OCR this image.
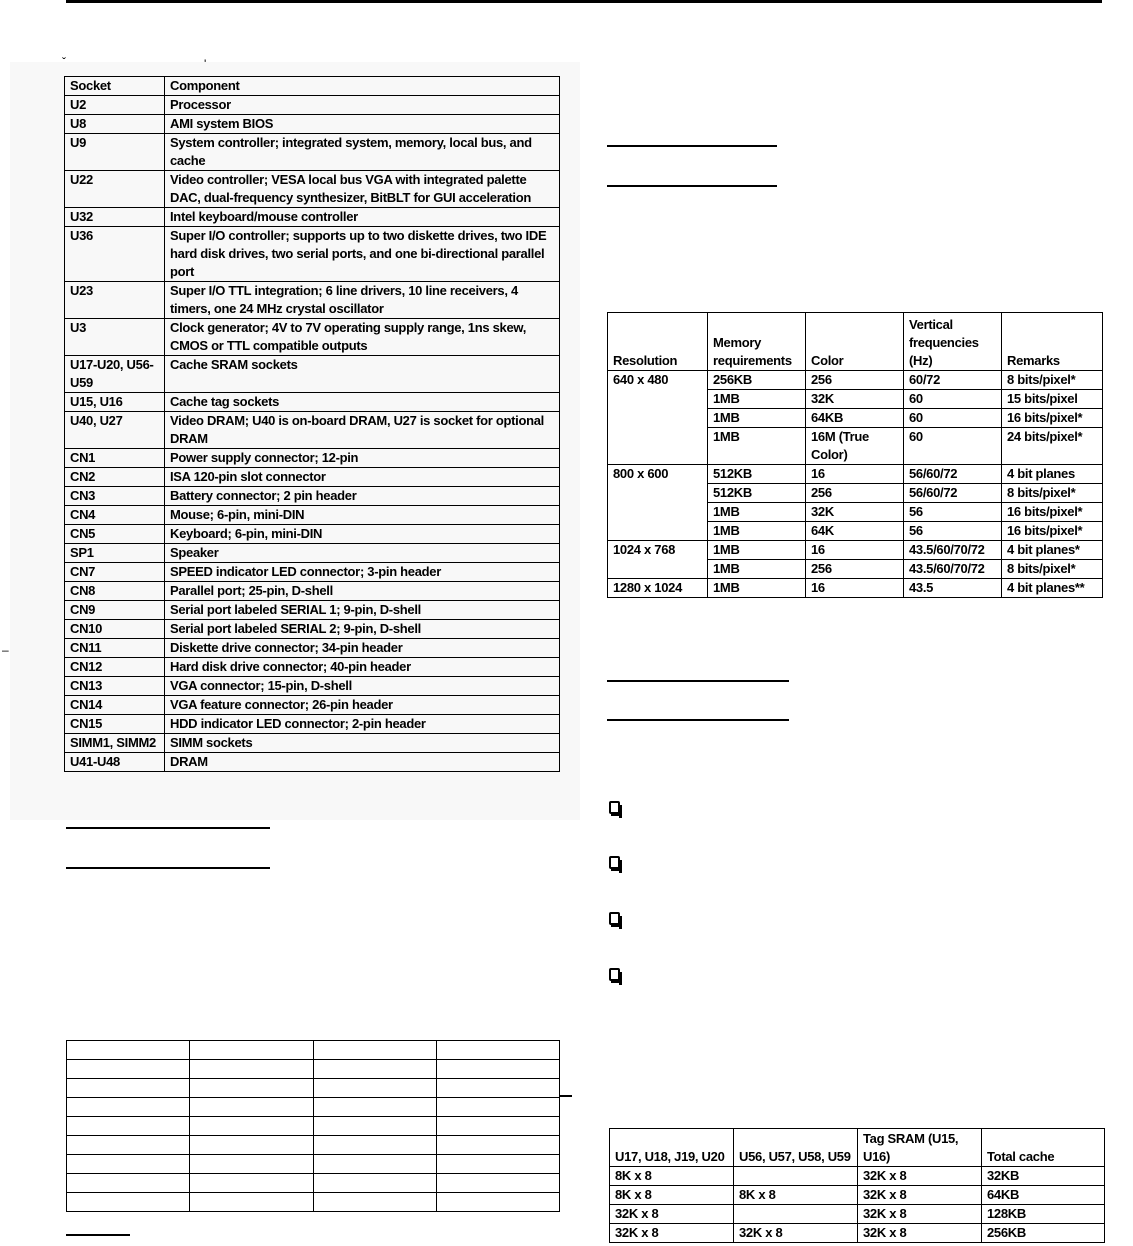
–
Socket	Component
U2	Processor
U8	AMI system BIOS
U9	System controller; integrated system, memory, local bus, and cache
U22	Video controller; VESA local bus VGA with integrated palette DAC, dual-frequency synthesizer, BitBLT for GUI acceleration
U32	Intel keyboard/mouse controller
U36	Super I/O controller; supports up to two diskette drives, two IDE hard disk drives, two serial ports, and one bi-directional parallel port
U23	Super I/O TTL integration; 6 line drivers, 10 line receivers, 4 timers, one 24 MHz crystal oscillator
U3	Clock generator; 4V to 7V operating supply range, 1ns skew, CMOS or TTL compatible outputs
U17-U20, U56-U59	Cache SRAM sockets
U15, U16	Cache tag sockets
U40, U27	Video DRAM; U40 is on-board DRAM, U27 is socket for optional DRAM
CN1	Power supply connector; 12-pin
CN2	ISA 120-pin slot connector
CN3	Battery connector; 2 pin header
CN4	Mouse; 6-pin, mini-DIN
CN5	Keyboard; 6-pin, mini-DIN
SP1	Speaker
CN7	SPEED indicator LED connector; 3-pin header
CN8	Parallel port; 25-pin, D-shell
CN9	Serial port labeled SERIAL 1; 9-pin, D-shell
CN10	Serial port labeled SERIAL 2; 9-pin, D-shell
CN11	Diskette drive connector; 34-pin header
CN12	Hard disk drive connector; 40-pin header
CN13	VGA connector; 15-pin, D-shell
CN14	VGA feature connector; 26-pin header
CN15	HDD indicator LED connector; 2-pin header
SIMM1, SIMM2	SIMM sockets
U41-U48	DRAM
Resolution	Memory requirements	Color	Vertical frequencies (Hz)	Remarks
640 x 480	256KB	256	60/72	8 bits/pixel*
	1MB	32K	60	15 bits/pixel
	1MB	64KB	60	16 bits/pixel*
	1MB	16M (True Color)	60	24 bits/pixel*
800 x 600	512KB	16	56/60/72	4 bit planes
	512KB	256	56/60/72	8 bits/pixel*
	1MB	32K	56	16 bits/pixel*
	1MB	64K	56	16 bits/pixel*
1024 x 768	1MB	16	43.5/60/70/72	4 bit planes*
	1MB	256	43.5/60/70/72	8 bits/pixel*
1280 x 1024	1MB	16	43.5	4 bit planes**

U17, U18, J19, U20	U56, U57, U58, U59	Tag SRAM (U15, U16)	Total cache
8K x 8		32K x 8	32KB
8K x 8	8K x 8	32K x 8	64KB
32K x 8		32K x 8	128KB
32K x 8	32K x 8	32K x 8	256KB
